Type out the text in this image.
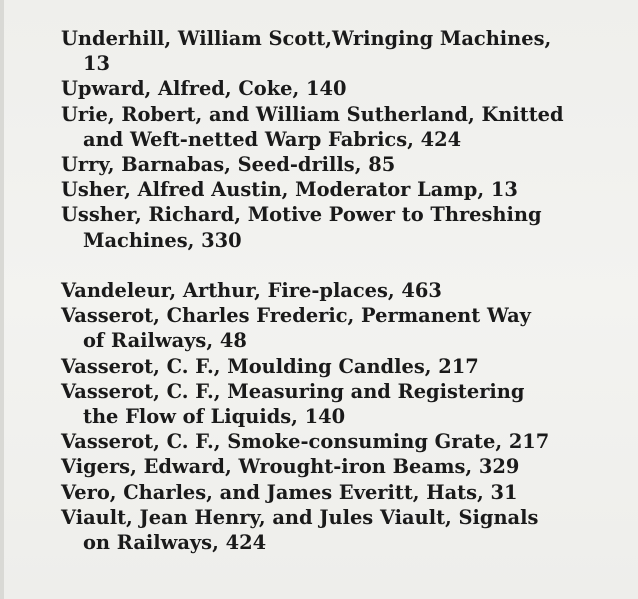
Underhill, William Scott,Wringing Machines,
13
Upward, Alfred, Coke, 140
Urie, Robert, and William Sutherland, Knitted
and Weft-netted Warp Fabrics, 424
Urry, Barnabas, Seed-drills, 85
Usher, Alfred Austin, Moderator Lamp, 13
Ussher, Richard, Motive Power to Threshing
Machines, 330
Vandeleur, Arthur, Fire-places, 463
Vasserot, Charles Frederic, Permanent Way
of Railways, 48
Vasserot, C. F., Moulding Candles, 217
Vasserot, C. F., Measuring and Registering
the Flow of Liquids, 140
Vasserot, C. F., Smoke-consuming Grate, 217
Vigers, Edward, Wrought-iron Beams, 329
Vero, Charles, and James Everitt, Hats, 31
Viault, Jean Henry, and Jules Viault, Signals
on Railways, 424
